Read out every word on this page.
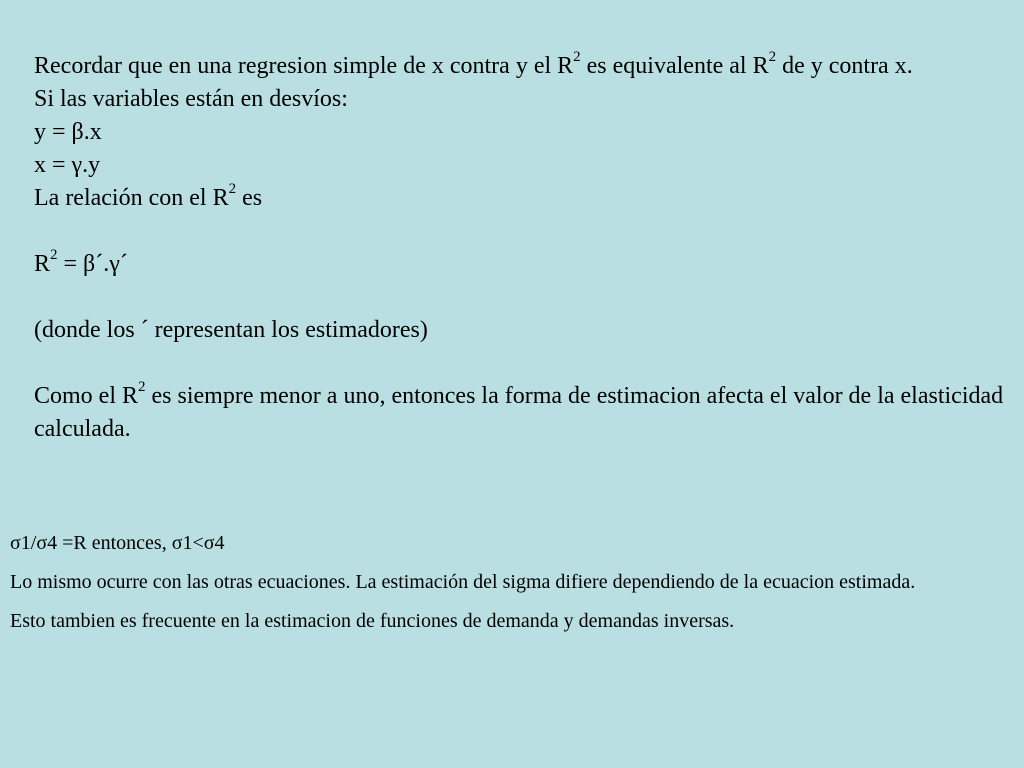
Recordar que en una regresion simple de x contra y el $R^2$ es equivalente al $R^2$ de y contra x.
Si las variables están en desvíos:
y = β.x
x = γ.y
La relación con el $R^2$ es
$R^2$ = β´.γ´
(donde los ´ representan los estimadores)
Como el $R^2$ es siempre menor a uno, entonces la forma de estimacion afecta el valor de la elasticidad calculada.

σ1/σ4 =R entonces, σ1<σ4

Lo mismo ocurre con las otras ecuaciones. La estimación del sigma difiere dependiendo de la ecuacion estimada.

Esto tambien es frecuente en la estimacion de funciones de demanda y demandas inversas.
